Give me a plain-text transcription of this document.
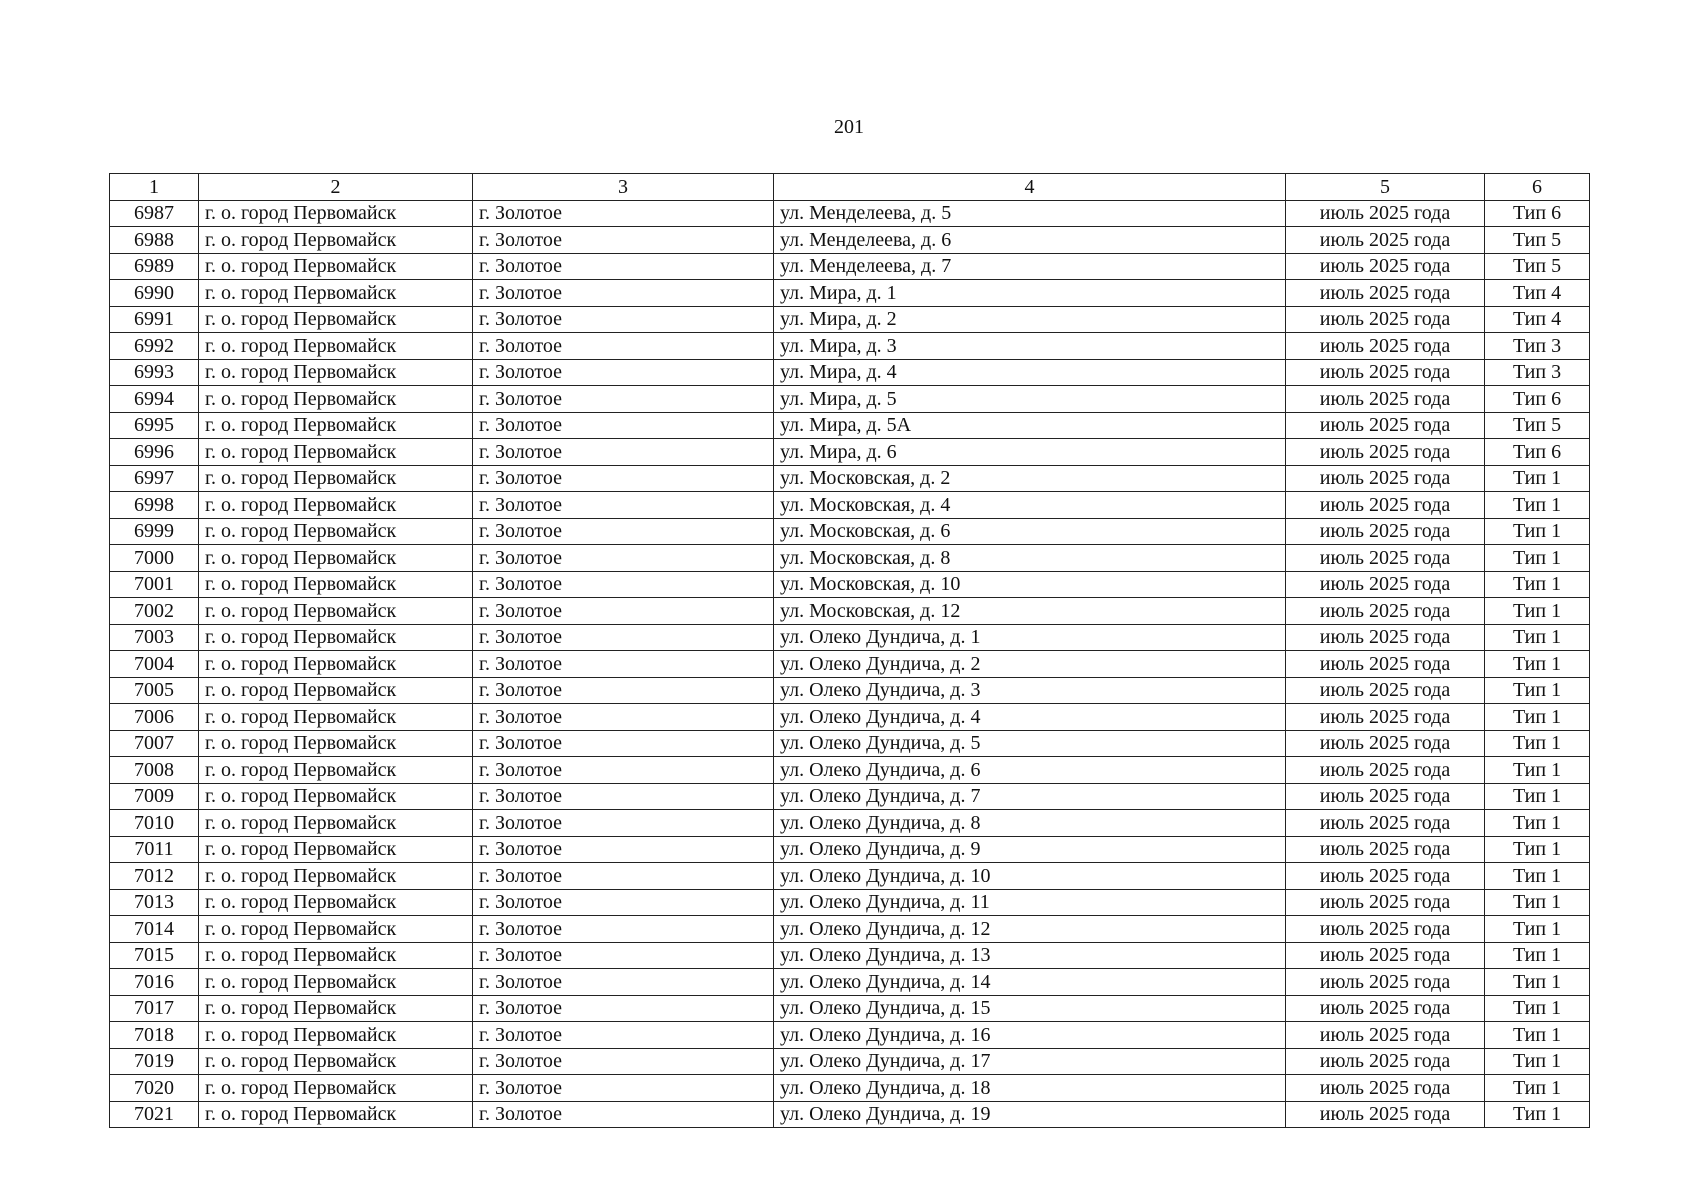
201
1	2	3	4	5	6
6987	г. о. город Первомайск	г. Золотое	ул. Менделеева, д. 5	июль 2025 года	Тип 6
6988	г. о. город Первомайск	г. Золотое	ул. Менделеева, д. 6	июль 2025 года	Тип 5
6989	г. о. город Первомайск	г. Золотое	ул. Менделеева, д. 7	июль 2025 года	Тип 5
6990	г. о. город Первомайск	г. Золотое	ул. Мира, д. 1	июль 2025 года	Тип 4
6991	г. о. город Первомайск	г. Золотое	ул. Мира, д. 2	июль 2025 года	Тип 4
6992	г. о. город Первомайск	г. Золотое	ул. Мира, д. 3	июль 2025 года	Тип 3
6993	г. о. город Первомайск	г. Золотое	ул. Мира, д. 4	июль 2025 года	Тип 3
6994	г. о. город Первомайск	г. Золотое	ул. Мира, д. 5	июль 2025 года	Тип 6
6995	г. о. город Первомайск	г. Золотое	ул. Мира, д. 5А	июль 2025 года	Тип 5
6996	г. о. город Первомайск	г. Золотое	ул. Мира, д. 6	июль 2025 года	Тип 6
6997	г. о. город Первомайск	г. Золотое	ул. Московская, д. 2	июль 2025 года	Тип 1
6998	г. о. город Первомайск	г. Золотое	ул. Московская, д. 4	июль 2025 года	Тип 1
6999	г. о. город Первомайск	г. Золотое	ул. Московская, д. 6	июль 2025 года	Тип 1
7000	г. о. город Первомайск	г. Золотое	ул. Московская, д. 8	июль 2025 года	Тип 1
7001	г. о. город Первомайск	г. Золотое	ул. Московская, д. 10	июль 2025 года	Тип 1
7002	г. о. город Первомайск	г. Золотое	ул. Московская, д. 12	июль 2025 года	Тип 1
7003	г. о. город Первомайск	г. Золотое	ул. Олеко Дундича, д. 1	июль 2025 года	Тип 1
7004	г. о. город Первомайск	г. Золотое	ул. Олеко Дундича, д. 2	июль 2025 года	Тип 1
7005	г. о. город Первомайск	г. Золотое	ул. Олеко Дундича, д. 3	июль 2025 года	Тип 1
7006	г. о. город Первомайск	г. Золотое	ул. Олеко Дундича, д. 4	июль 2025 года	Тип 1
7007	г. о. город Первомайск	г. Золотое	ул. Олеко Дундича, д. 5	июль 2025 года	Тип 1
7008	г. о. город Первомайск	г. Золотое	ул. Олеко Дундича, д. 6	июль 2025 года	Тип 1
7009	г. о. город Первомайск	г. Золотое	ул. Олеко Дундича, д. 7	июль 2025 года	Тип 1
7010	г. о. город Первомайск	г. Золотое	ул. Олеко Дундича, д. 8	июль 2025 года	Тип 1
7011	г. о. город Первомайск	г. Золотое	ул. Олеко Дундича, д. 9	июль 2025 года	Тип 1
7012	г. о. город Первомайск	г. Золотое	ул. Олеко Дундича, д. 10	июль 2025 года	Тип 1
7013	г. о. город Первомайск	г. Золотое	ул. Олеко Дундича, д. 11	июль 2025 года	Тип 1
7014	г. о. город Первомайск	г. Золотое	ул. Олеко Дундича, д. 12	июль 2025 года	Тип 1
7015	г. о. город Первомайск	г. Золотое	ул. Олеко Дундича, д. 13	июль 2025 года	Тип 1
7016	г. о. город Первомайск	г. Золотое	ул. Олеко Дундича, д. 14	июль 2025 года	Тип 1
7017	г. о. город Первомайск	г. Золотое	ул. Олеко Дундича, д. 15	июль 2025 года	Тип 1
7018	г. о. город Первомайск	г. Золотое	ул. Олеко Дундича, д. 16	июль 2025 года	Тип 1
7019	г. о. город Первомайск	г. Золотое	ул. Олеко Дундича, д. 17	июль 2025 года	Тип 1
7020	г. о. город Первомайск	г. Золотое	ул. Олеко Дундича, д. 18	июль 2025 года	Тип 1
7021	г. о. город Первомайск	г. Золотое	ул. Олеко Дундича, д. 19	июль 2025 года	Тип 1
